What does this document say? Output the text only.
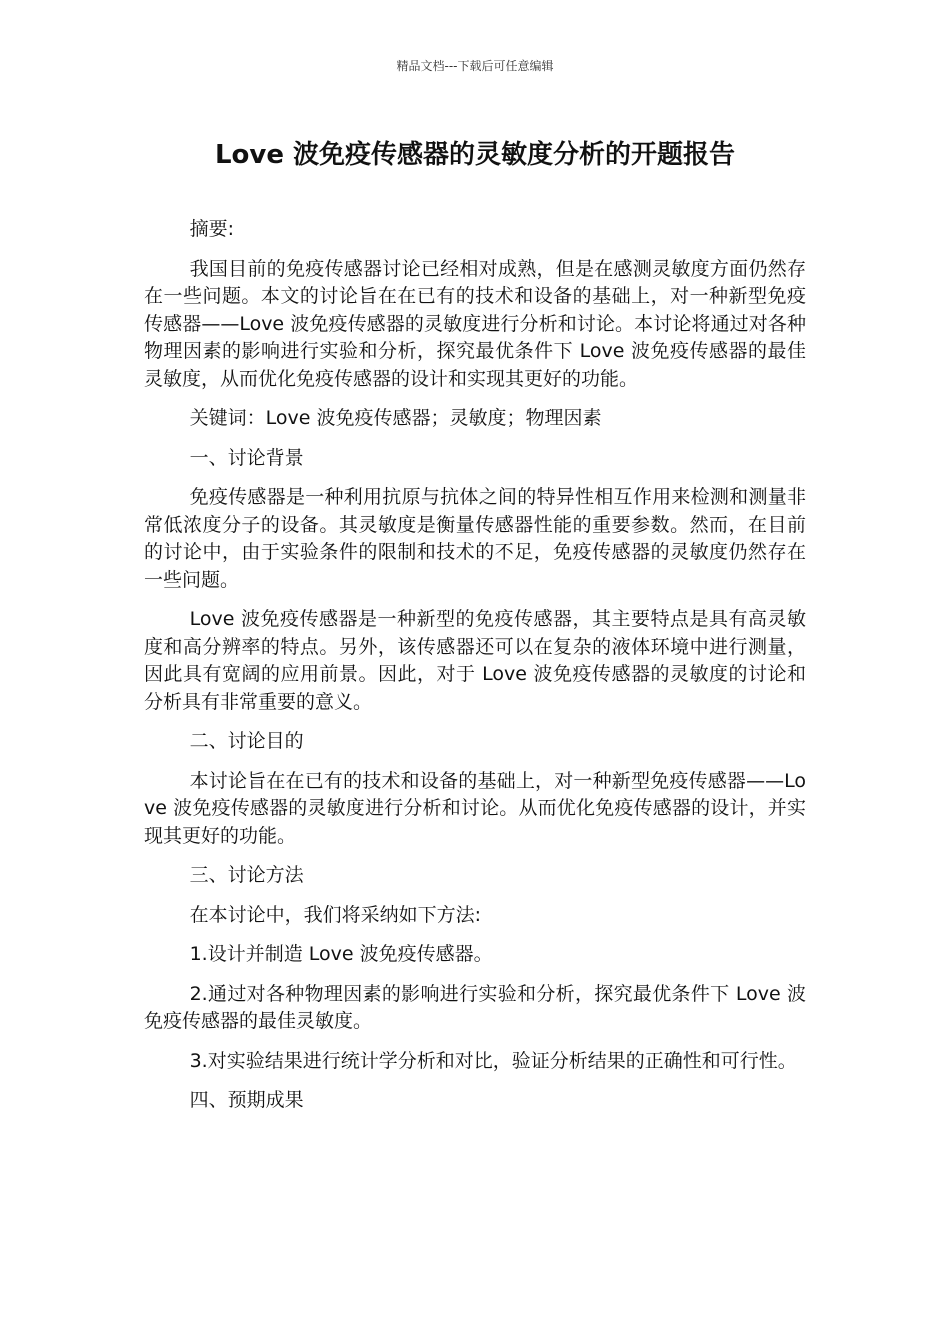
精品文档---下载后可任意编辑
Love 波免疫传感器的灵敏度分析的开题报告

摘要:

我国目前的免疫传感器讨论已经相对成熟，但是在感测灵敏度方面仍然存在一些问题。本文的讨论旨在在已有的技术和设备的基础上，对一种新型免疫传感器——Love 波免疫传感器的灵敏度进行分析和讨论。本讨论将通过对各种物理因素的影响进行实验和分析，探究最优条件下 Love 波免疫传感器的最佳灵敏度，从而优化免疫传感器的设计和实现其更好的功能。

关键词：Love 波免疫传感器；灵敏度；物理因素

一、讨论背景

免疫传感器是一种利用抗原与抗体之间的特异性相互作用来检测和测量非常低浓度分子的设备。其灵敏度是衡量传感器性能的重要参数。然而，在目前的讨论中，由于实验条件的限制和技术的不足，免疫传感器的灵敏度仍然存在一些问题。

Love 波免疫传感器是一种新型的免疫传感器，其主要特点是具有高灵敏度和高分辨率的特点。另外，该传感器还可以在复杂的液体环境中进行测量，因此具有宽阔的应用前景。因此，对于 Love 波免疫传感器的灵敏度的讨论和分析具有非常重要的意义。

二、讨论目的

本讨论旨在在已有的技术和设备的基础上，对一种新型免疫传感器——Love 波免疫传感器的灵敏度进行分析和讨论。从而优化免疫传感器的设计，并实现其更好的功能。

三、讨论方法

在本讨论中，我们将采纳如下方法:

1.设计并制造 Love 波免疫传感器。

2.通过对各种物理因素的影响进行实验和分析，探究最优条件下 Love 波免疫传感器的最佳灵敏度。

3.对实验结果进行统计学分析和对比，验证分析结果的正确性和可行性。

四、预期成果
